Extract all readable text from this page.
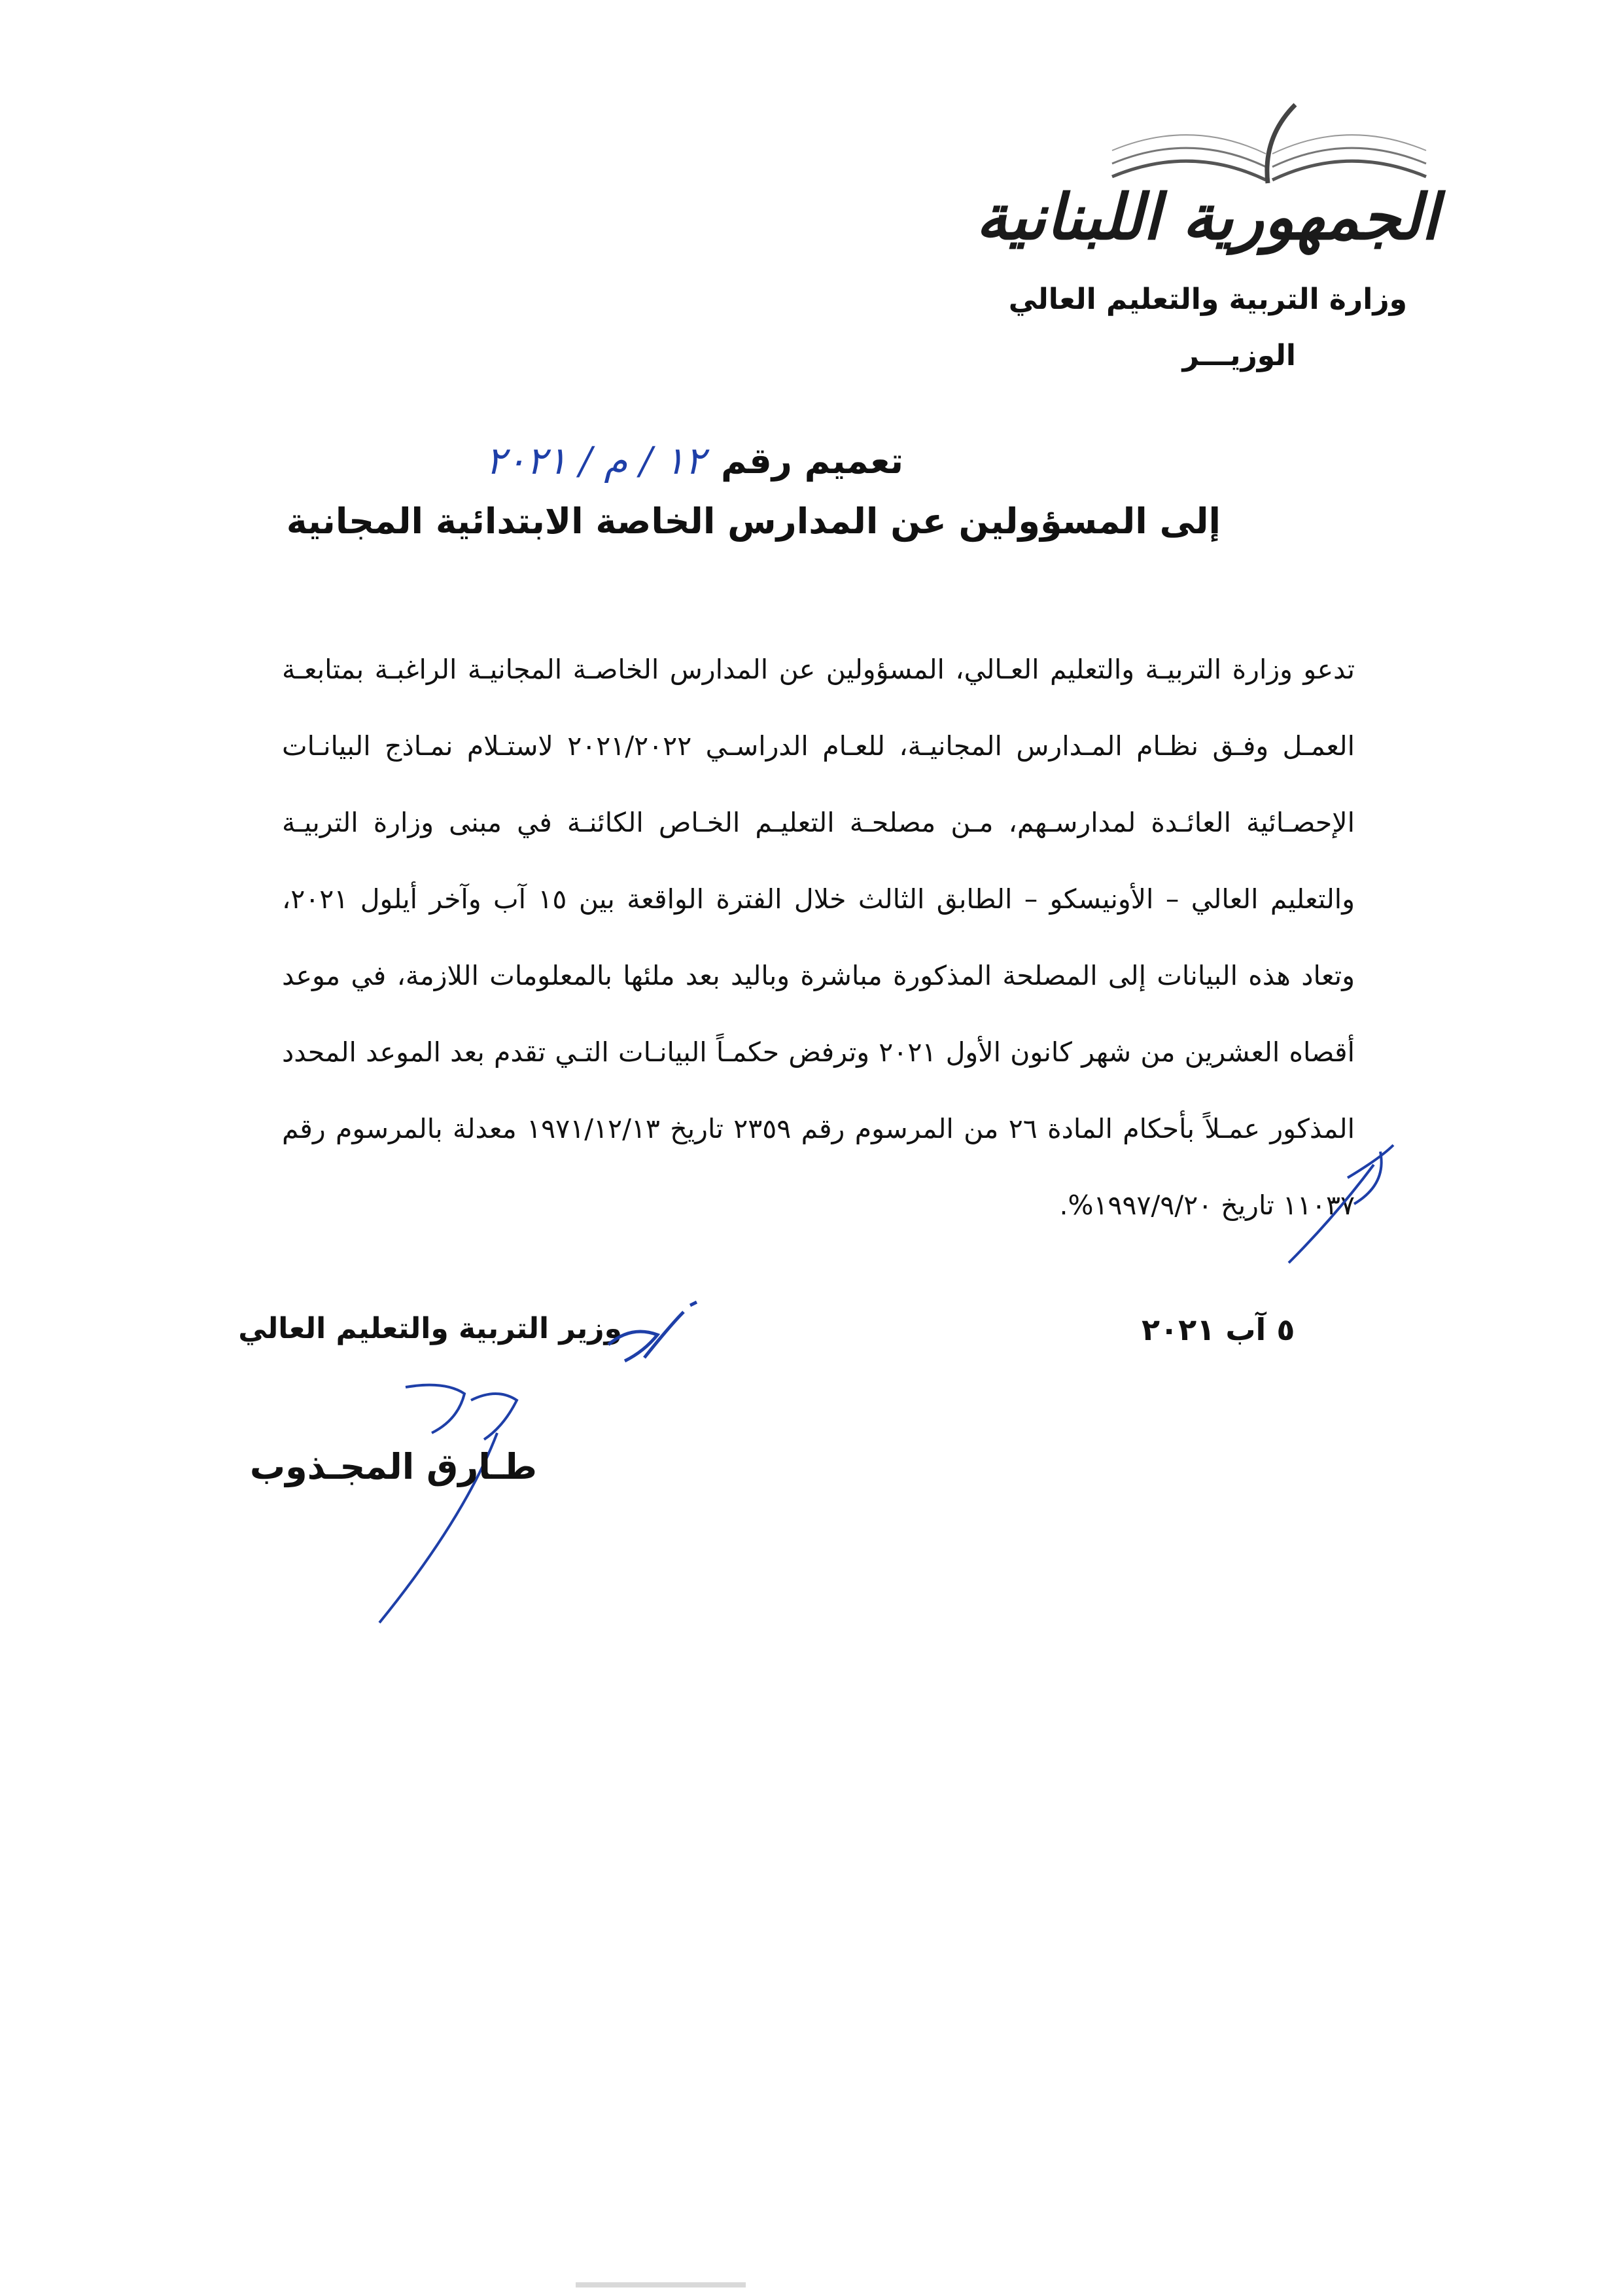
الجمهورية اللبنانية
وزارة التربية والتعليم العالي
الوزيـــر
تعميم رقم
١٢ / م / ٢٠٢١
إلى المسؤولين عن المدارس الخاصة الابتدائية المجانية

تدعو وزارة التربيـة والتعليم العـالي، المسؤولين عن المدارس الخاصـة المجانيـة الراغبـة بمتابعـة العمـل وفـق نظـام المـدارس المجانيـة، للعـام الدراسـي ٢٠٢١/٢٠٢٢ لاستـلام نمـاذج البيانـات الإحصـائية العائـدة لمدارسـهم، مـن مصلحـة التعليـم الخـاص الكائنـة في مبنى وزارة التربيـة والتعليم العالي – الأونيسكو – الطابق الثالث خلال الفترة الواقعة بين ١٥ آب وآخر أيلول ٢٠٢١، وتعاد هذه البيانات إلى المصلحة المذكورة مباشرة وباليد بعد ملئها بالمعلومات اللازمة، في موعد أقصاه العشرين من شهر كانون الأول ٢٠٢١ وترفض حكمـاً البيانـات التـي تقدم بعد الموعد المحدد المذكور عمـلاً بأحكام المادة ٢٦ من المرسوم رقم ٢٣٥٩ تاريخ ١٩٧١/١٢/١٣ معدلة بالمرسوم رقم ١١٠٣٧ تاريخ ١٩٩٧/٩/٢٠%.

٥ آب ٢٠٢١
وزير التربية والتعليم العالي
طـارق المجـذوب
